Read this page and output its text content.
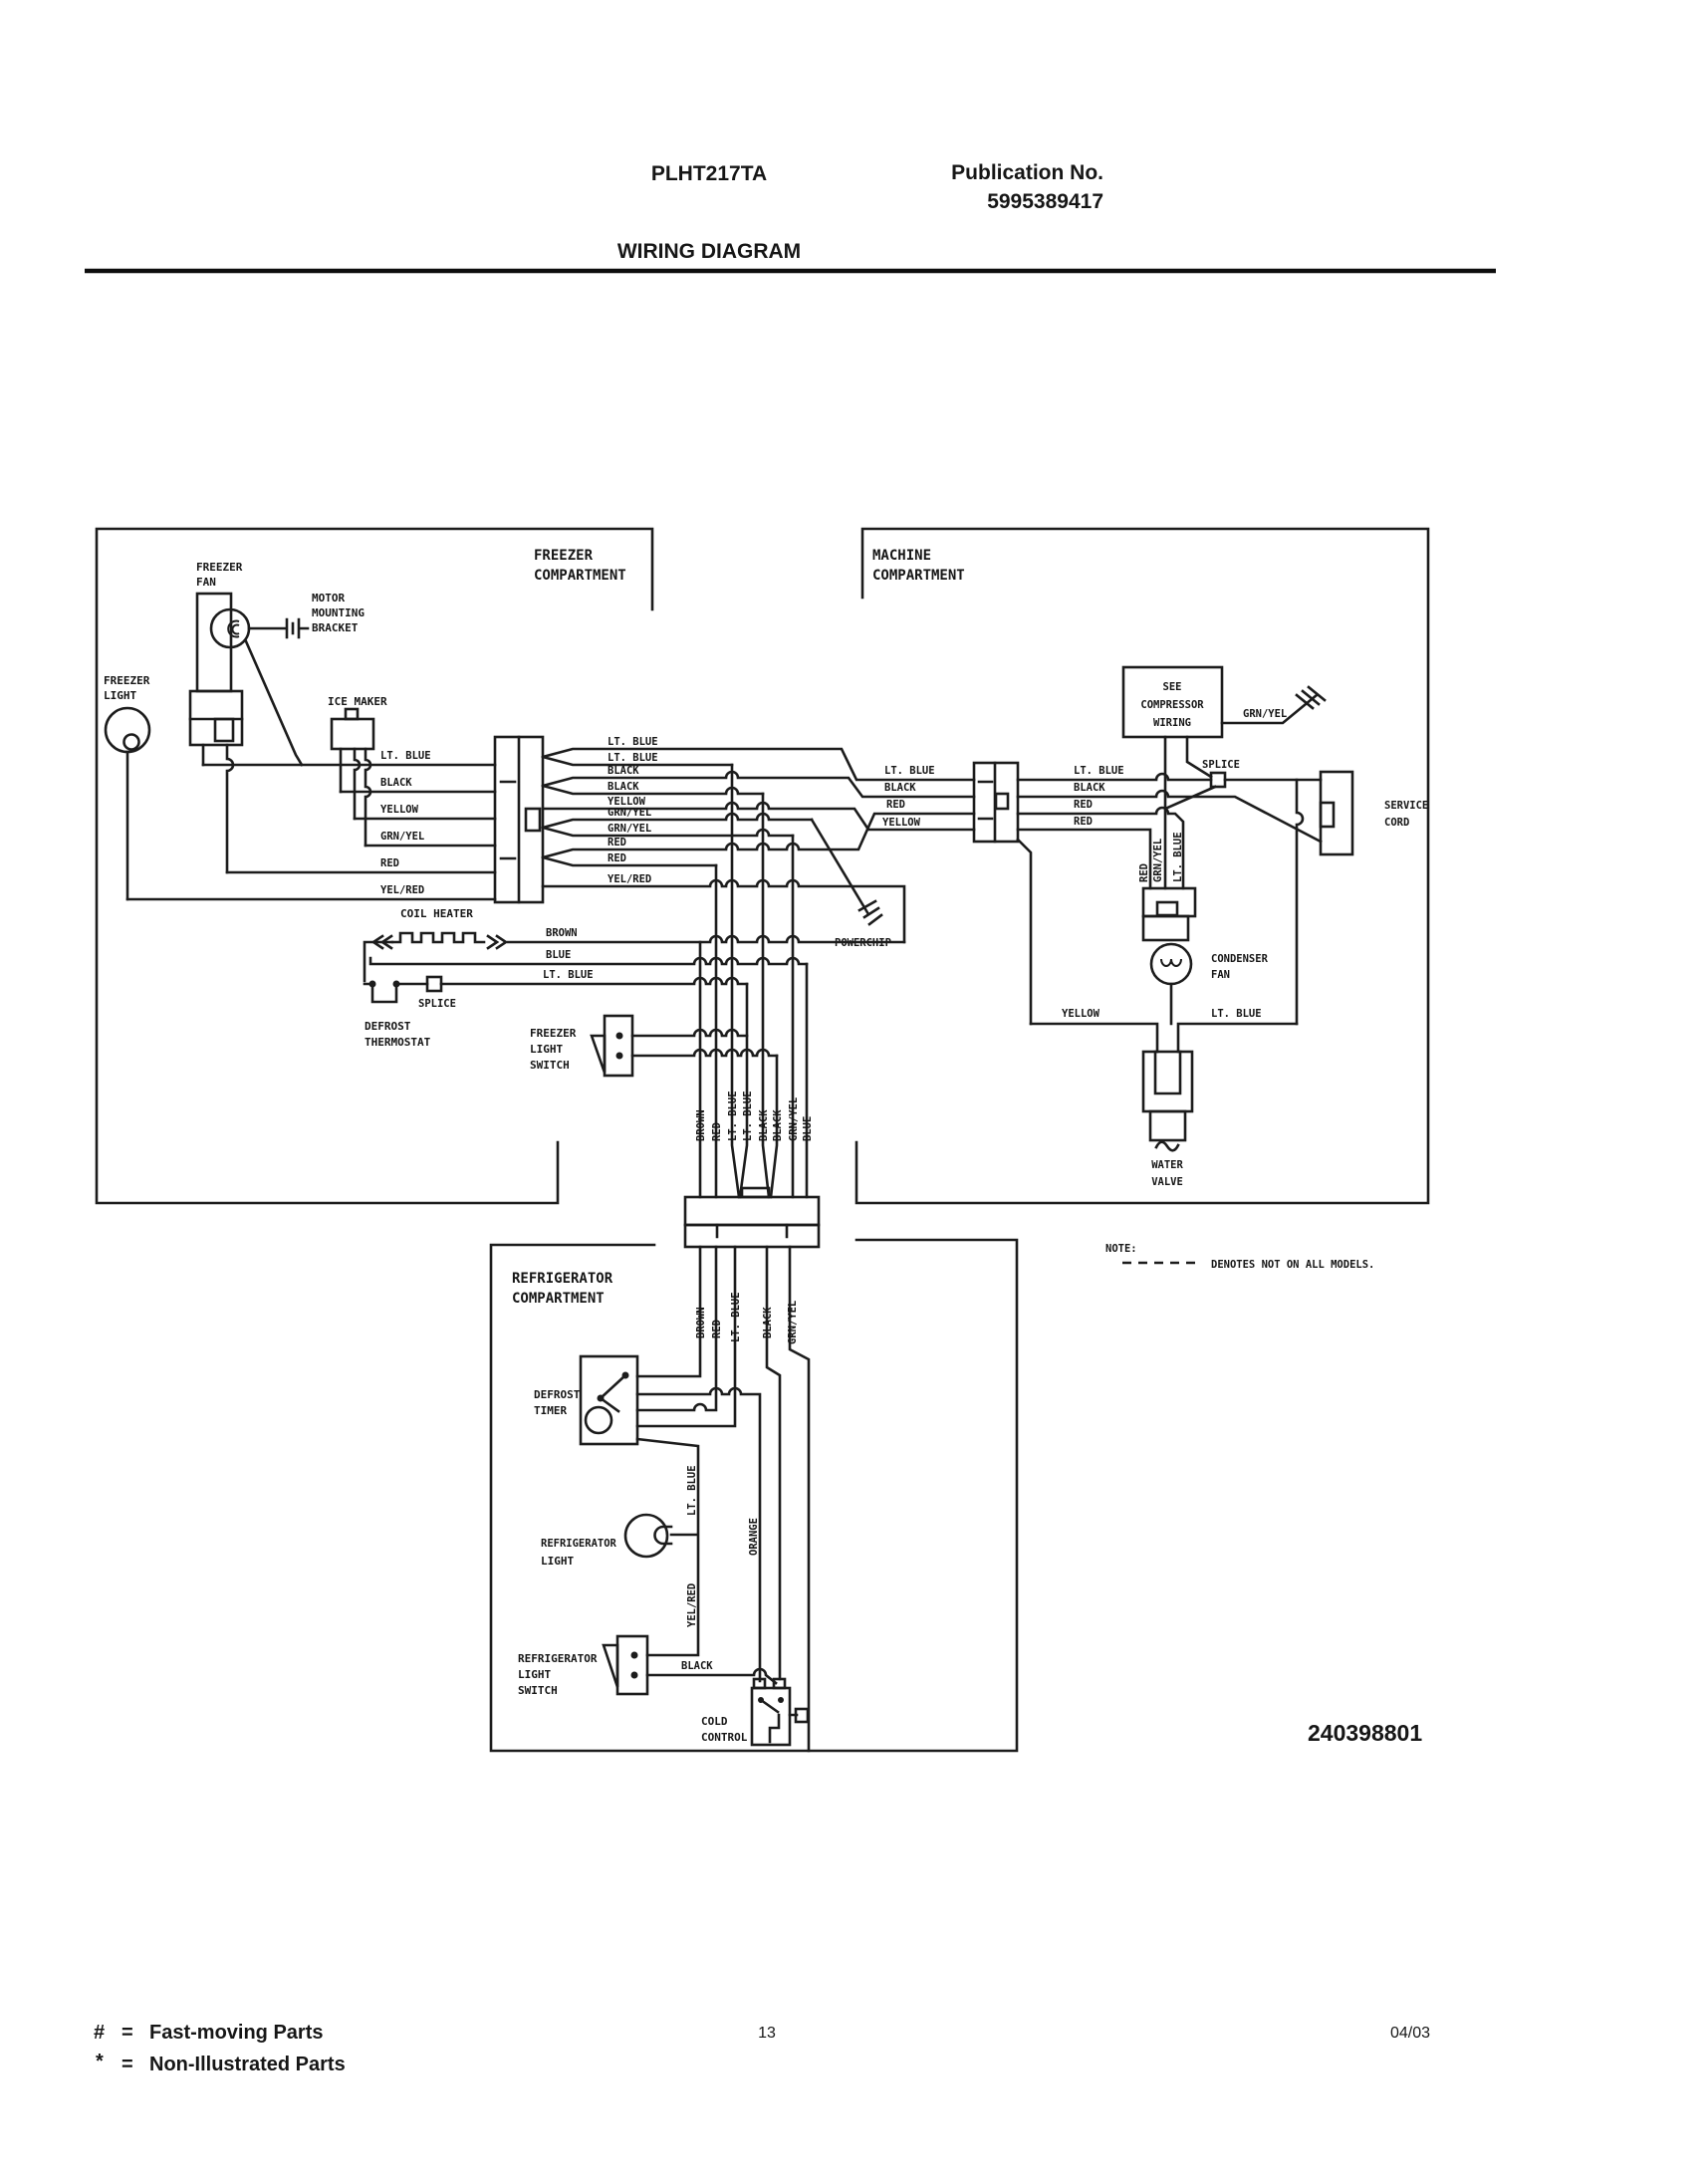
PLHT217TA	Publication No.
5995389417
WIRING DIAGRAM
FREEZER
COMPARTMENT
MACHINE
COMPARTMENT
REFRIGERATOR
COMPARTMENT
FREEZER
FAN
MOTOR
MOUNTING
BRACKET
FREEZER
LIGHT	ICE MAKER
LT. BLUE
BLACK
YELLOW
GRN/YEL
RED
YEL/RED
LT. BLUE
LT. BLUE
BLACK
BLACK
YELLOW
GRN/YEL
GRN/YEL
RED
RED
YEL/RED
LT. BLUE
BLACK
RED
YELLOW
POWERCHIP
COIL HEATER
SPLICE
DEFROST
THERMOSTAT
BROWN
BLUE
LT. BLUE
FREEZER
LIGHT
SWITCH
BROWN RED LT. BLUE LT. BLUE BLACK BLACK GRN/YEL BLUE
LT. BLUE
BLACK
RED
RED
SEE
COMPRESSOR
WIRING
SPLICE
GRN/YEL
RED GRN/YEL LT. BLUE
CONDENSER
FAN
YELLOW	LT. BLUE
WATER
VALVE
SERVICE
CORD
NOTE:
DENOTES NOT ON ALL MODELS.
BROWN RED LT. BLUE BLACK GRN/YEL
DEFROST
TIMER
LT. BLUE
ORANGE
YEL/RED
REFRIGERATOR
LIGHT
REFRIGERATOR
LIGHT
SWITCH
BLACK
COLD
CONTROL	240398801
# = Fast-moving Parts
* = Non-Illustrated Parts
13	04/03
